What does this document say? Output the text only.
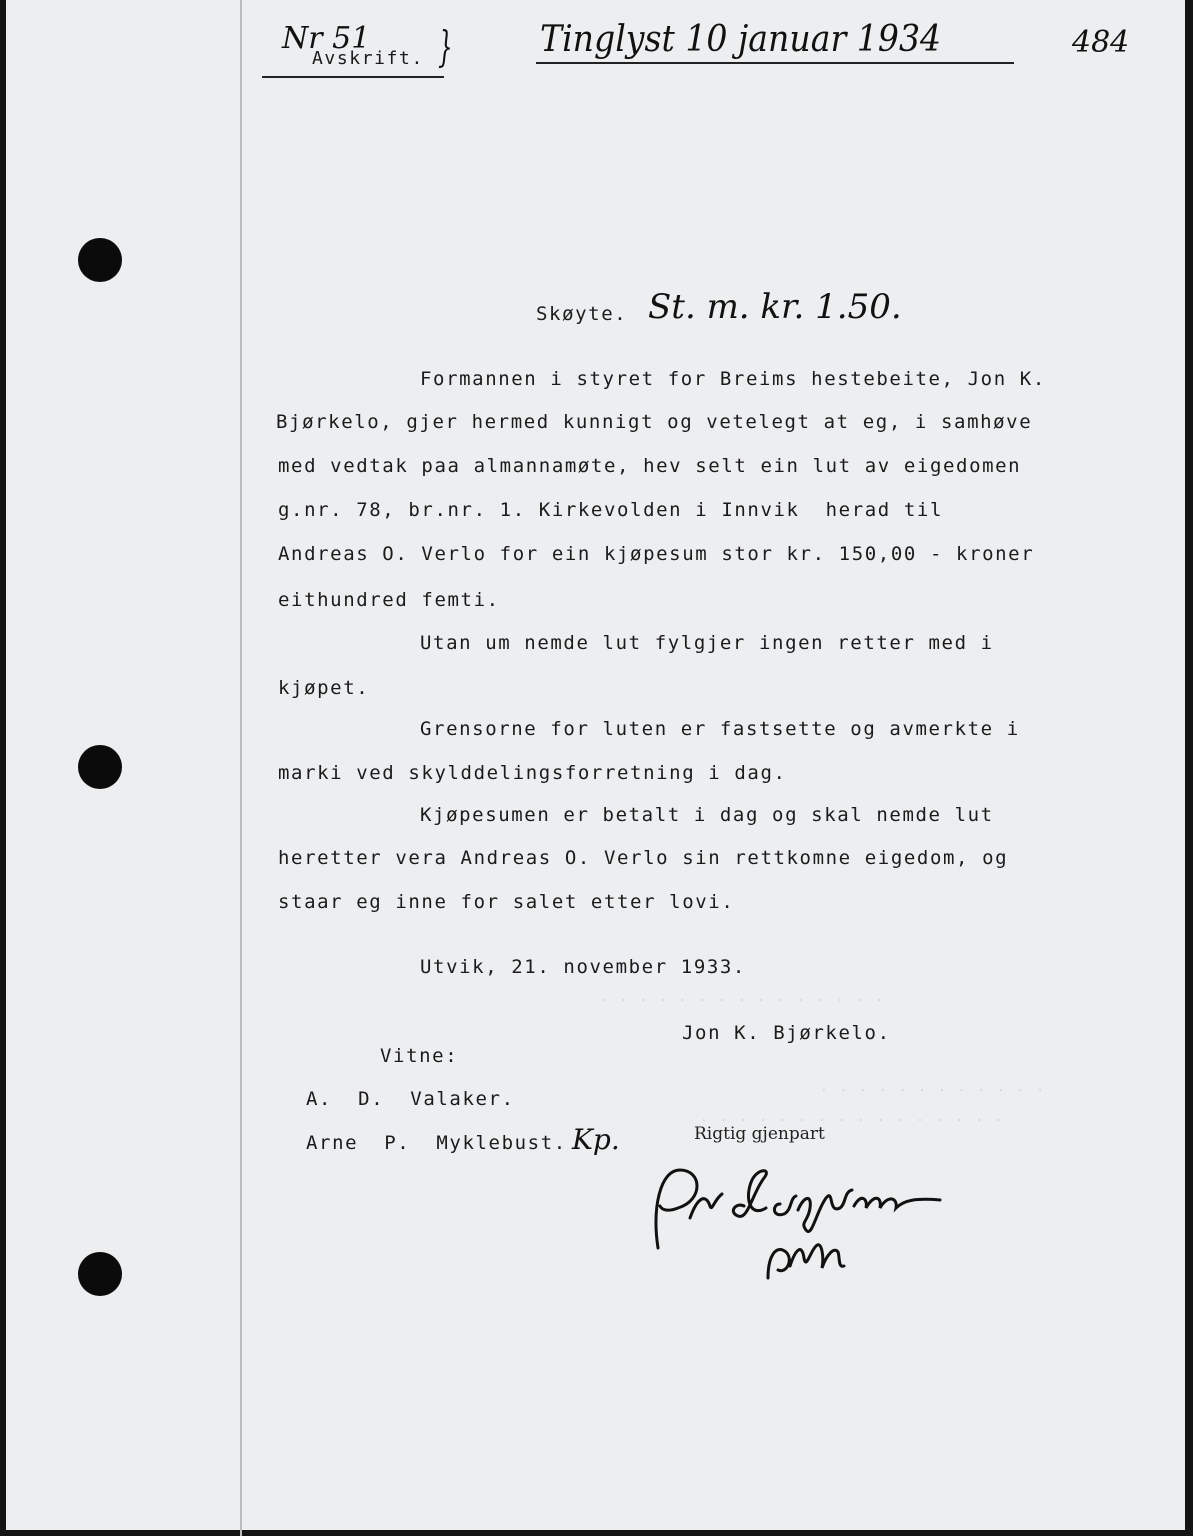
. . . . . . . . . . . . . . .
. . . . . . . . . . . .
. . . . . . . . . . . . . . . .
Nr 51
Avskrift. } Tinglyst 10 januar 1934	484
Skøyte. St. m. kr. 1.50.
Formannen i styret for Breims hestebeite, Jon K.
Bjørkelo, gjer hermed kunnigt og vetelegt at eg, i samhøve
med vedtak paa almannamøte, hev selt ein lut av eigedomen
g.nr. 78, br.nr. 1. Kirkevolden i Innvik  herad til
Andreas O. Verlo for ein kjøpesum stor kr. 150,00 - kroner
eithundred femti.
Utan um nemde lut fylgjer ingen retter med i
kjøpet.
Grensorne for luten er fastsette og avmerkte i
marki ved skylddelingsforretning i dag.
Kjøpesumen er betalt i dag og skal nemde lut
heretter vera Andreas O. Verlo sin rettkomne eigedom, og
staar eg inne for salet etter lovi.
Utvik, 21. november 1933.
Jon K. Bjørkelo.
Vitne:
A.  D.  Valaker.
Arne  P.  Myklebust. Kp.	Rigtig gjenpart
